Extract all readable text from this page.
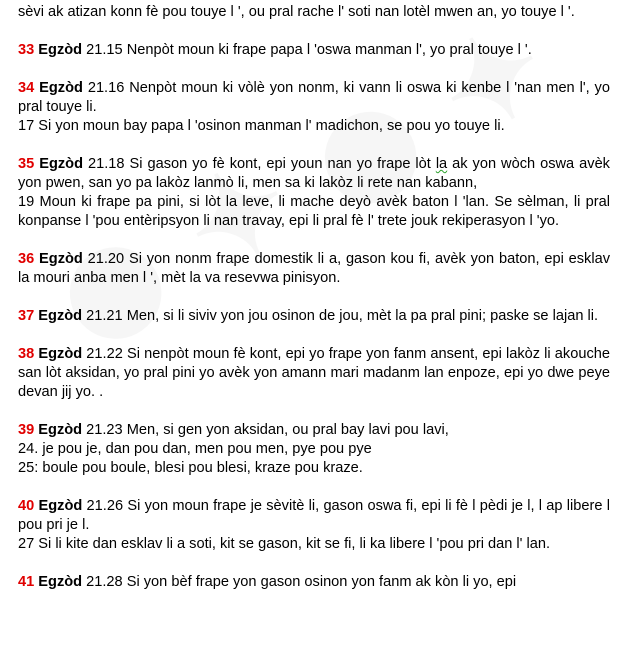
sèvi ak atizan konn fè pou touye l ', ou pral rache l' soti nan lotèl mwen an, yo touye l '.

33 Egzòd 21.15 Nenpòt moun ki frape papa l 'oswa manman l', yo pral touye l '.

34 Egzòd 21.16 Nenpòt moun ki vòlè yon nonm, ki vann li oswa ki kenbe l 'nan men l', yo pral touye li.

17 Si yon moun bay papa l 'osinon manman l' madichon, se pou yo touye li.

35 Egzòd 21.18 Si gason yo fè kont, epi youn nan yo frape lòt la ak yon wòch oswa avèk yon pwen, san yo pa lakòz lanmò li, men sa ki lakòz li rete nan kabann,

19 Moun ki frape pa pini, si lòt la leve, li mache deyò avèk baton l 'lan. Se sèlman, li pral konpanse l 'pou entèripsyon li nan travay, epi li pral fè l' trete jouk rekiperasyon l 'yo.

36 Egzòd 21.20 Si yon nonm frape domestik li a, gason kou fi, avèk yon baton, epi esklav la mouri anba men l ', mèt la va resevwa pinisyon.

37 Egzòd 21.21 Men, si li siviv yon jou osinon de jou, mèt la pa pral pini; paske se lajan li.

38 Egzòd 21.22 Si nenpòt moun fè kont, epi yo frape yon fanm ansent, epi lakòz li akouche san lòt aksidan, yo pral pini yo avèk yon amann mari madanm lan enpoze, epi yo dwe peye devan jij yo. .

39 Egzòd 21.23 Men, si gen yon aksidan, ou pral bay lavi pou lavi,

24. je pou je, dan pou dan, men pou men, pye pou pye

25: boule pou boule, blesi pou blesi, kraze pou kraze.

40 Egzòd 21.26 Si yon moun frape je sèvitè li, gason oswa fi, epi li fè l pèdi je l, l ap libere l pou pri je l.

27 Si li kite dan esklav li a soti, kit se gason, kit se fi, li ka libere l 'pou pri dan l' lan.

41 Egzòd 21.28 Si yon bèf frape yon gason osinon yon fanm ak kòn li yo, epi
